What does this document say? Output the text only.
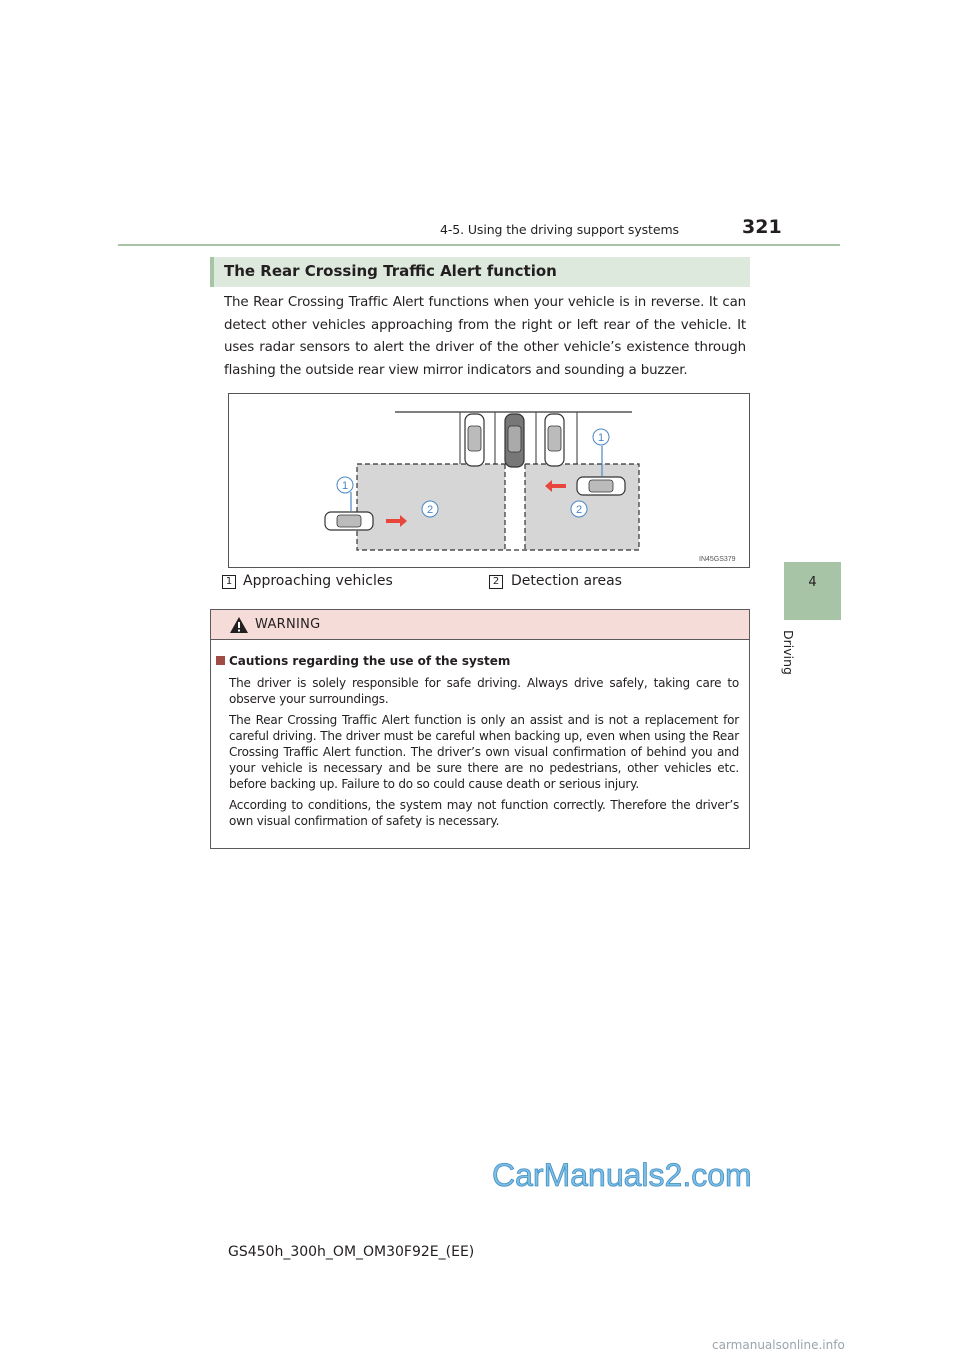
4-5. Using the driving support systems	321
4
Driving
The Rear Crossing Traffic Alert function
The Rear Crossing Traffic Alert functions when your vehicle is in reverse. It can detect other vehicles approaching from the right or left rear of the vehicle. It uses radar sensors to alert the driver of the other vehicle’s existence through flashing the outside rear view mirror indicators and sounding a buzzer.
1
1
2	2
IN45GS379
1 Approaching vehicles	2 Detection areas
WARNING
Cautions regarding the use of the system
The driver is solely responsible for safe driving. Always drive safely, taking care to observe your surroundings.
The Rear Crossing Traffic Alert function is only an assist and is not a replacement for careful driving. The driver must be careful when backing up, even when using the Rear Crossing Traffic Alert function. The driver’s own visual confirmation of behind you and your vehicle is necessary and be sure there are no pedestrians, other vehicles etc. before backing up. Failure to do so could cause death or serious injury.
According to conditions, the system may not function correctly. Therefore the driver’s own visual confirmation of safety is necessary.
GS450h_300h_OM_OM30F92E_(EE)
CarManuals2.com
carmanualsonline.info
